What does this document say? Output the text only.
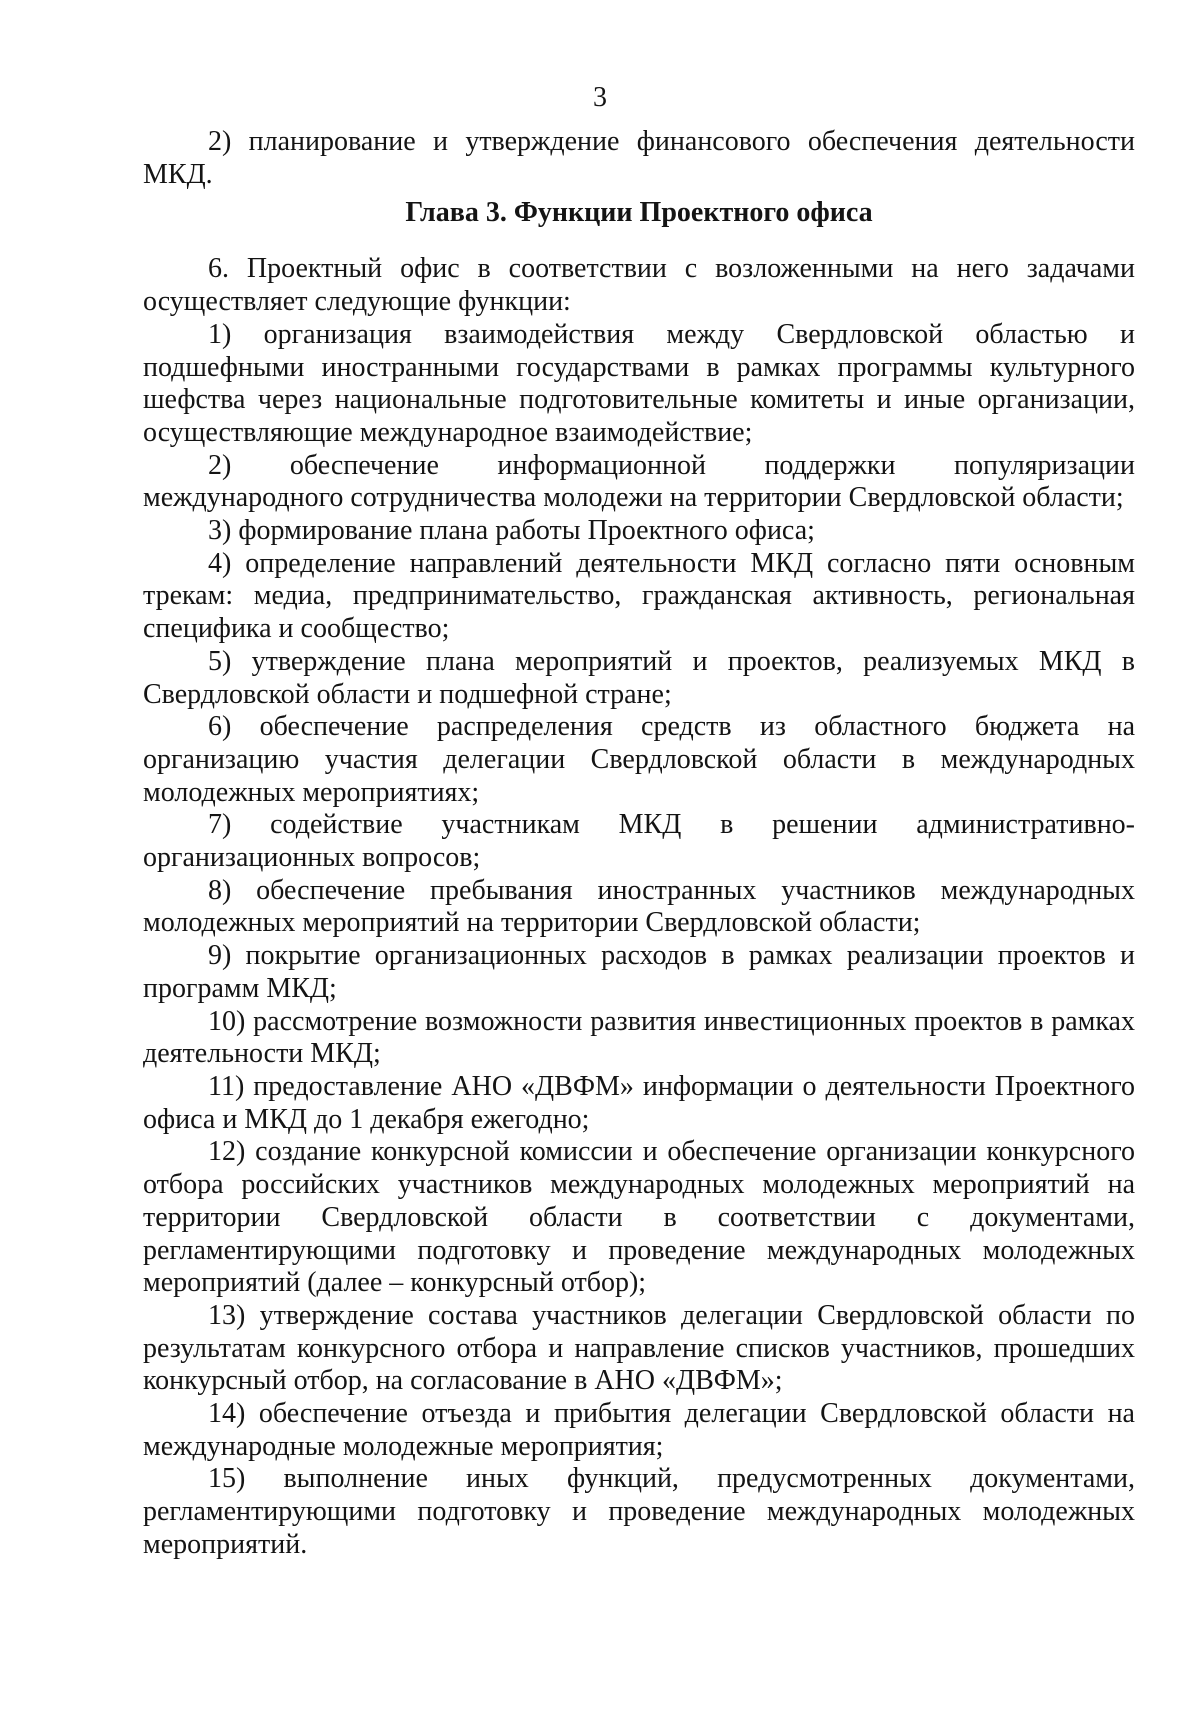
3

2) планирование и утверждение финансового обеспечения деятельности МКД.

Глава 3. Функции Проектного офиса

6. Проектный офис в соответствии с возложенными на него задачами осуществляет следующие функции:

1) организация взаимодействия между Свердловской областью и подшефными иностранными государствами в рамках программы культурного шефства через национальные подготовительные комитеты и иные организации, осуществляющие международное взаимодействие;

2) обеспечение информационной поддержки популяризации международного сотрудничества молодежи на территории Свердловской области;

3) формирование плана работы Проектного офиса;

4) определение направлений деятельности МКД согласно пяти основным трекам: медиа, предпринимательство, гражданская активность, региональная специфика и сообщество;

5) утверждение плана мероприятий и проектов, реализуемых МКД в Свердловской области и подшефной стране;

6) обеспечение распределения средств из областного бюджета на организацию участия делегации Свердловской области в международных молодежных мероприятиях;

7) содействие участникам МКД в решении административно-организационных вопросов;

8) обеспечение пребывания иностранных участников международных молодежных мероприятий на территории Свердловской области;

9) покрытие организационных расходов в рамках реализации проектов и программ МКД;

10) рассмотрение возможности развития инвестиционных проектов в рамках деятельности МКД;

11) предоставление АНО «ДВФМ» информации о деятельности Проектного офиса и МКД до 1 декабря ежегодно;

12) создание конкурсной комиссии и обеспечение организации конкурсного отбора российских участников международных молодежных мероприятий на территории Свердловской области в соответствии с документами, регламентирующими подготовку и проведение международных молодежных мероприятий (далее – конкурсный отбор);

13) утверждение состава участников делегации Свердловской области по результатам конкурсного отбора и направление списков участников, прошедших конкурсный отбор, на согласование в АНО «ДВФМ»;

14) обеспечение отъезда и прибытия делегации Свердловской области на международные молодежные мероприятия;

15) выполнение иных функций, предусмотренных документами, регламентирующими подготовку и проведение международных молодежных мероприятий.
